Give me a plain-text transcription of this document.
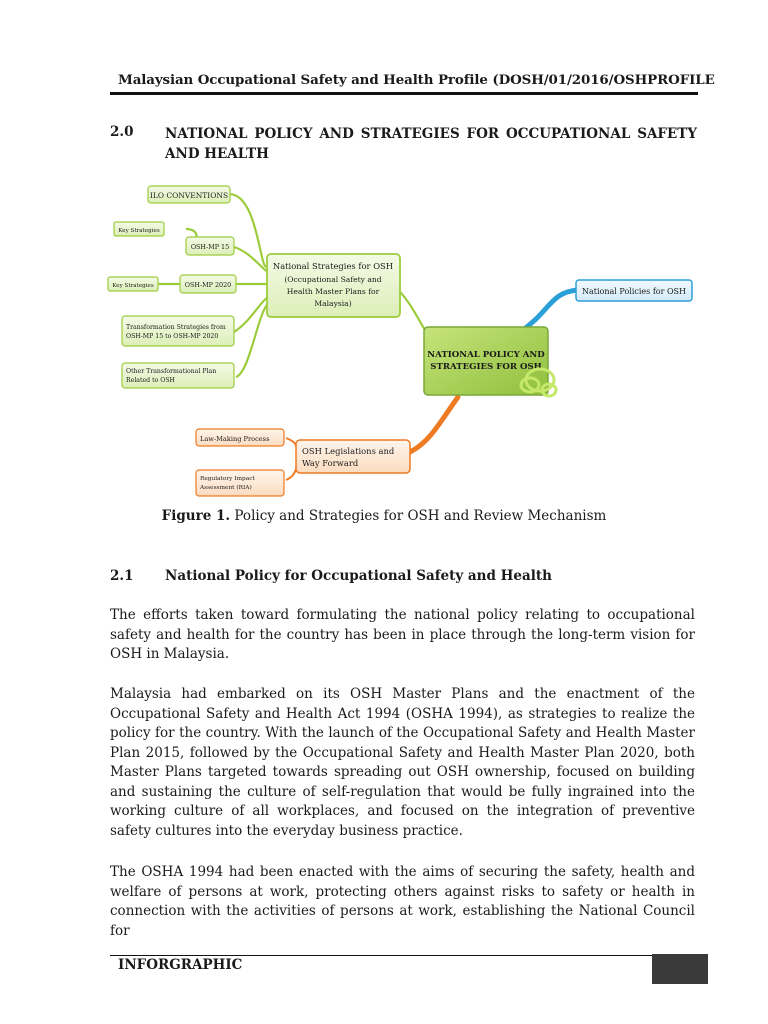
Malaysian Occupational Safety and Health Profile (DOSH/01/2016/OSHPROFILE
2.0 NATIONAL POLICY AND STRATEGIES FOR OCCUPATIONAL SAFETY AND HEALTH
ILO CONVENTIONS
Key Strategies
OSH-MP 15
Key Strategies	OSH-MP 2020
Transformation Strategies from
OSH-MP 15 to OSH-MP 2020
Other Transformational Plan
Related to OSH
National Strategies for OSH
(Occupational Safety and
Health Master Plans for
Malaysia)
NATIONAL POLICY AND
STRATEGIES FOR OSH
National Policies for OSH
OSH Legislations and
Way Forward
Law-Making Process
Regulatory Impact
Assessment (RIA)
Figure 1. Policy and Strategies for OSH and Review Mechanism
2.1 National Policy for Occupational Safety and Health
The efforts taken toward formulating the national policy relating to occupational safety and health for the country has been in place through the long-term vision for OSH in Malaysia.
Malaysia had embarked on its OSH Master Plans and the enactment of the Occupational Safety and Health Act 1994 (OSHA 1994), as strategies to realize the policy for the country. With the launch of the Occupational Safety and Health Master Plan 2015, followed by the Occupational Safety and Health Master Plan 2020, both Master Plans targeted towards spreading out OSH ownership, focused on building and sustaining the culture of self-regulation that would be fully ingrained into the working culture of all workplaces, and focused on the integration of preventive safety cultures into the everyday business practice.
The OSHA 1994 had been enacted with the aims of securing the safety, health and welfare of persons at work, protecting others against risks to safety or health in connection with the activities of persons at work, establishing the National Council for
INFORGRAPHIC
